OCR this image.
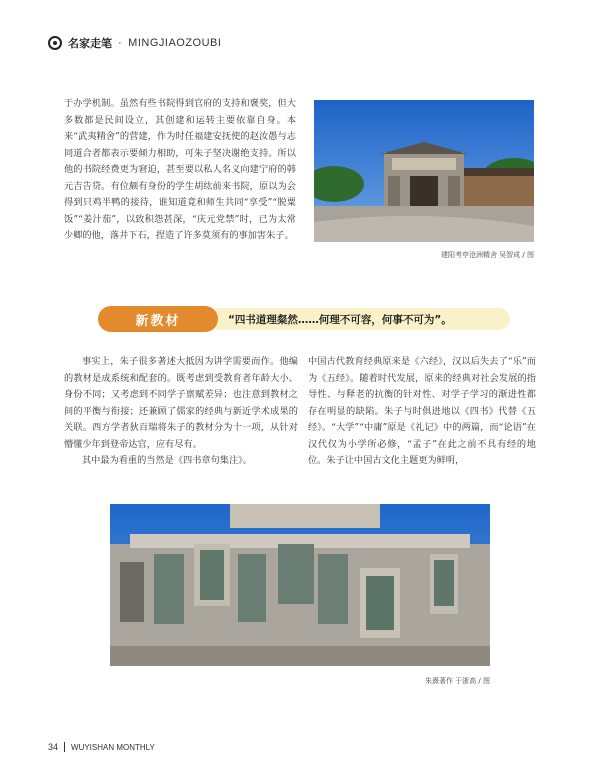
名家走笔 · MINGJIAOZOUBI
于办学机制。虽然有些书院得到官府的支持和褒奖，但大多数都是民间设立，其创建和运转主要依靠自身。本来“武夷精舍”的营建，作为时任福建安抚使的赵汝愚与志同道合者都表示要倾力相助，可朱子坚决谢绝支持。所以他的书院经费更为窘迫，甚至要以私人名义向建宁府的韩元吉告贷。有位颇有身份的学生胡纮前来书院，原以为会得到只鸡半鸭的接待，谁知道竟和师生共同“享受”“脱粟饭”“姜汁茄”，以致积怨甚深，“庆元党禁”时，已为太常少卿的他，落井下石，捏造了许多莫须有的事加害朱子。
建阳考亭沧洲精舍 吴智成 / 图
新教材	“四书道理粲然……何理不可容，何事不可为”。

事实上，朱子很多著述大抵因为讲学需要而作。他编的教材是成系统和配套的。既考虑到受教育者年龄大小、身份不同；又考虑到不同学子禀赋差异；也注意到教材之间的平衡与衔接；还兼顾了儒家的经典与新近学术成果的关联。西方学者狄百瑞将朱子的教材分为十一项，从针对懵懂少年到登帝达官，应有尽有。

其中最为看重的当然是《四书章句集注》。

中国古代教育经典原来是《六经》，汉以后失去了“乐”而为《五经》。随着时代发展，原来的经典对社会发展的指导性、与释老的抗衡的针对性、对学子学习的渐进性都存在明显的缺陷。朱子与时俱进地以《四书》代替《五经》。“大学”“中庸”原是《礼记》中的两篇，而“论语”在汉代仅为小学所必修，“孟子”在此之前不具有经的地位。朱子让中国古文化主题更为鲜明，

朱熹著作 于浙高 / 图
34 WUYISHAN MONTHLY
